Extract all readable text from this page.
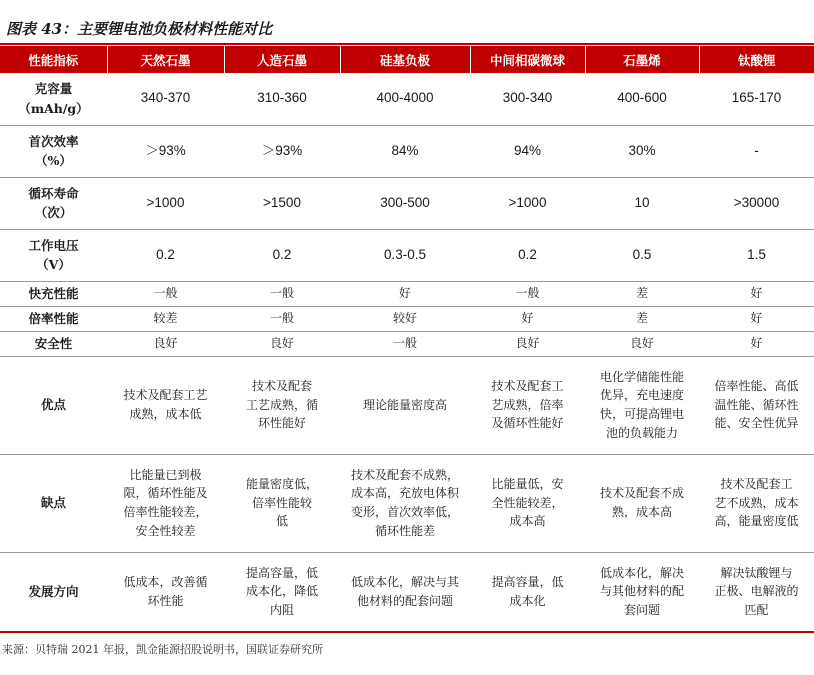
图表 43：主要锂电池负极材料性能对比
性能指标	天然石墨	人造石墨	硅基负极	中间相碳微球	石墨烯	钛酸锂

克容量
（mAh/g）	340-370	310-360	400-4000	300-340	400-600	165-170

首次效率
（%）	＞93%	＞93%	84%	94%	30%	-

循环寿命
（次）	>1000	>1500	300-500	>1000	10	>30000

工作电压
（V）	0.2	0.2	0.3-0.5	0.2	0.5	1.5

快充性能	一般	一般	好	一般	差	好

倍率性能	较差	一般	较好	好	差	好

安全性	良好	良好	一般	良好	良好	好

优点	技术及配套工艺
成熟，成本低	技术及配套
工艺成熟，循
环性能好	理论能量密度高	技术及配套工
艺成熟，倍率
及循环性能好	电化学储能性能
优异，充电速度
快，可提高锂电
池的负载能力	倍率性能、高低
温性能、循环性
能、安全性优异

缺点	比能量已到极
限，循环性能及
倍率性能较差，
安全性较差	能量密度低，
倍率性能较
低	技术及配套不成熟，
成本高，充放电体积
变形，首次效率低，
循环性能差	比能量低，安
全性能较差，
成本高	技术及配套不成
熟，成本高	技术及配套工
艺不成熟，成本
高，能量密度低

发展方向	低成本，改善循
环性能	提高容量，低
成本化，降低
内阻	低成本化，解决与其
他材料的配套问题	提高容量，低
成本化	低成本化，解决
与其他材料的配
套问题	解决钛酸锂与
正极、电解液的
匹配
来源：贝特瑞 2021 年报，凯金能源招股说明书，国联证券研究所
